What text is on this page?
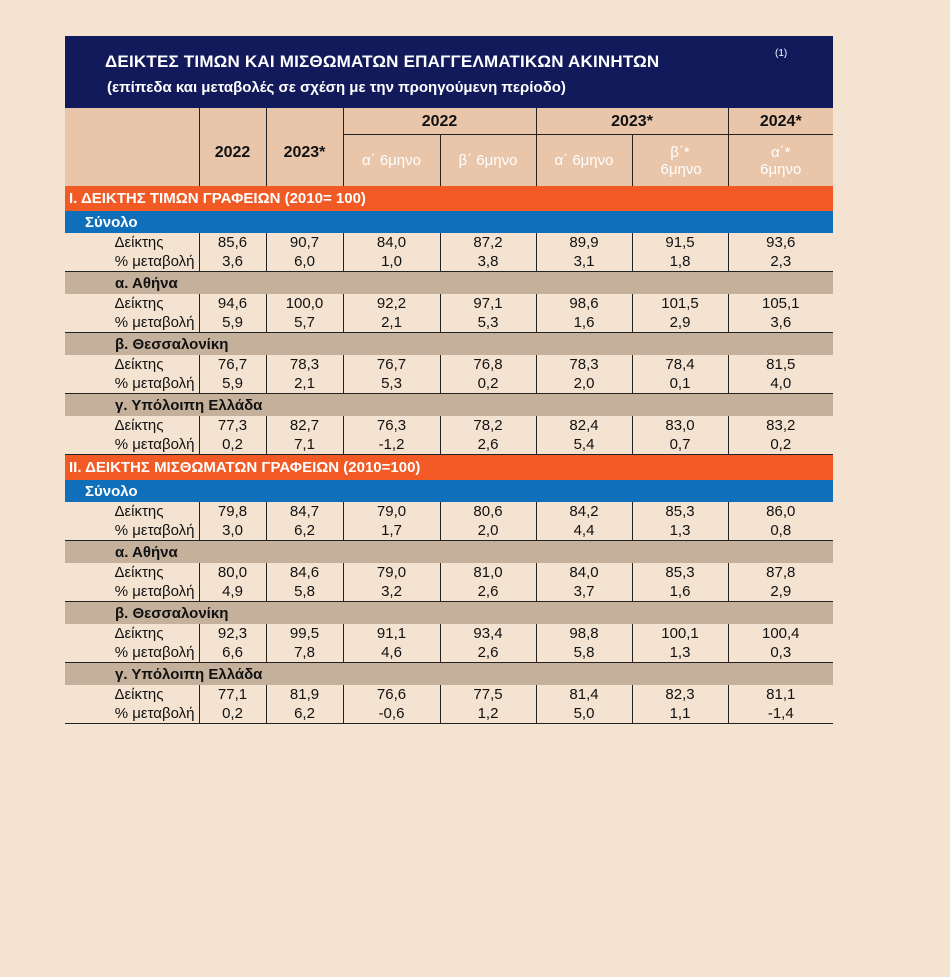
ΔΕΙΚΤΕΣ ΤΙΜΩΝ ΚΑΙ ΜΙΣΘΩΜΑΤΩΝ ΕΠΑΓΓΕΛΜΑΤΙΚΩΝ ΑΚΙΝΗΤΩΝ	(1)
(επίπεδα και μεταβολές σε σχέση με την προηγούμενη περίοδο)
	2022	2023*	2022		2023*		2024*
			α΄ 6μηνο	β΄ 6μηνο	α΄ 6μηνο	β΄* 6μηνο	α΄* 6μηνο

Ι. ΔΕΙΚΤΗΣ ΤΙΜΩΝ ΓΡΑΦΕΙΩΝ (2010= 100)							
Σύνολο							
Δείκτης	85,6	90,7	84,0	87,2	89,9	91,5	93,6
% μεταβολή	3,6	6,0	1,0	3,8	3,1	1,8	2,3
α. Αθήνα							
Δείκτης	94,6	100,0	92,2	97,1	98,6	101,5	105,1
% μεταβολή	5,9	5,7	2,1	5,3	1,6	2,9	3,6
β. Θεσσαλονίκη							
Δείκτης	76,7	78,3	76,7	76,8	78,3	78,4	81,5
% μεταβολή	5,9	2,1	5,3	0,2	2,0	0,1	4,0
γ. Υπόλοιπη Ελλάδα							
Δείκτης	77,3	82,7	76,3	78,2	82,4	83,0	83,2
% μεταβολή	0,2	7,1	-1,2	2,6	5,4	0,7	0,2
ΙΙ. ΔΕΙΚΤΗΣ ΜΙΣΘΩΜΑΤΩΝ ΓΡΑΦΕΙΩΝ (2010=100)							
Σύνολο							
Δείκτης	79,8	84,7	79,0	80,6	84,2	85,3	86,0
% μεταβολή	3,0	6,2	1,7	2,0	4,4	1,3	0,8
α. Αθήνα							
Δείκτης	80,0	84,6	79,0	81,0	84,0	85,3	87,8
% μεταβολή	4,9	5,8	3,2	2,6	3,7	1,6	2,9
β. Θεσσαλονίκη							
Δείκτης	92,3	99,5	91,1	93,4	98,8	100,1	100,4
% μεταβολή	6,6	7,8	4,6	2,6	5,8	1,3	0,3
γ. Υπόλοιπη Ελλάδα							
Δείκτης	77,1	81,9	76,6	77,5	81,4	82,3	81,1
% μεταβολή	0,2	6,2	-0,6	1,2	5,0	1,1	-1,4
